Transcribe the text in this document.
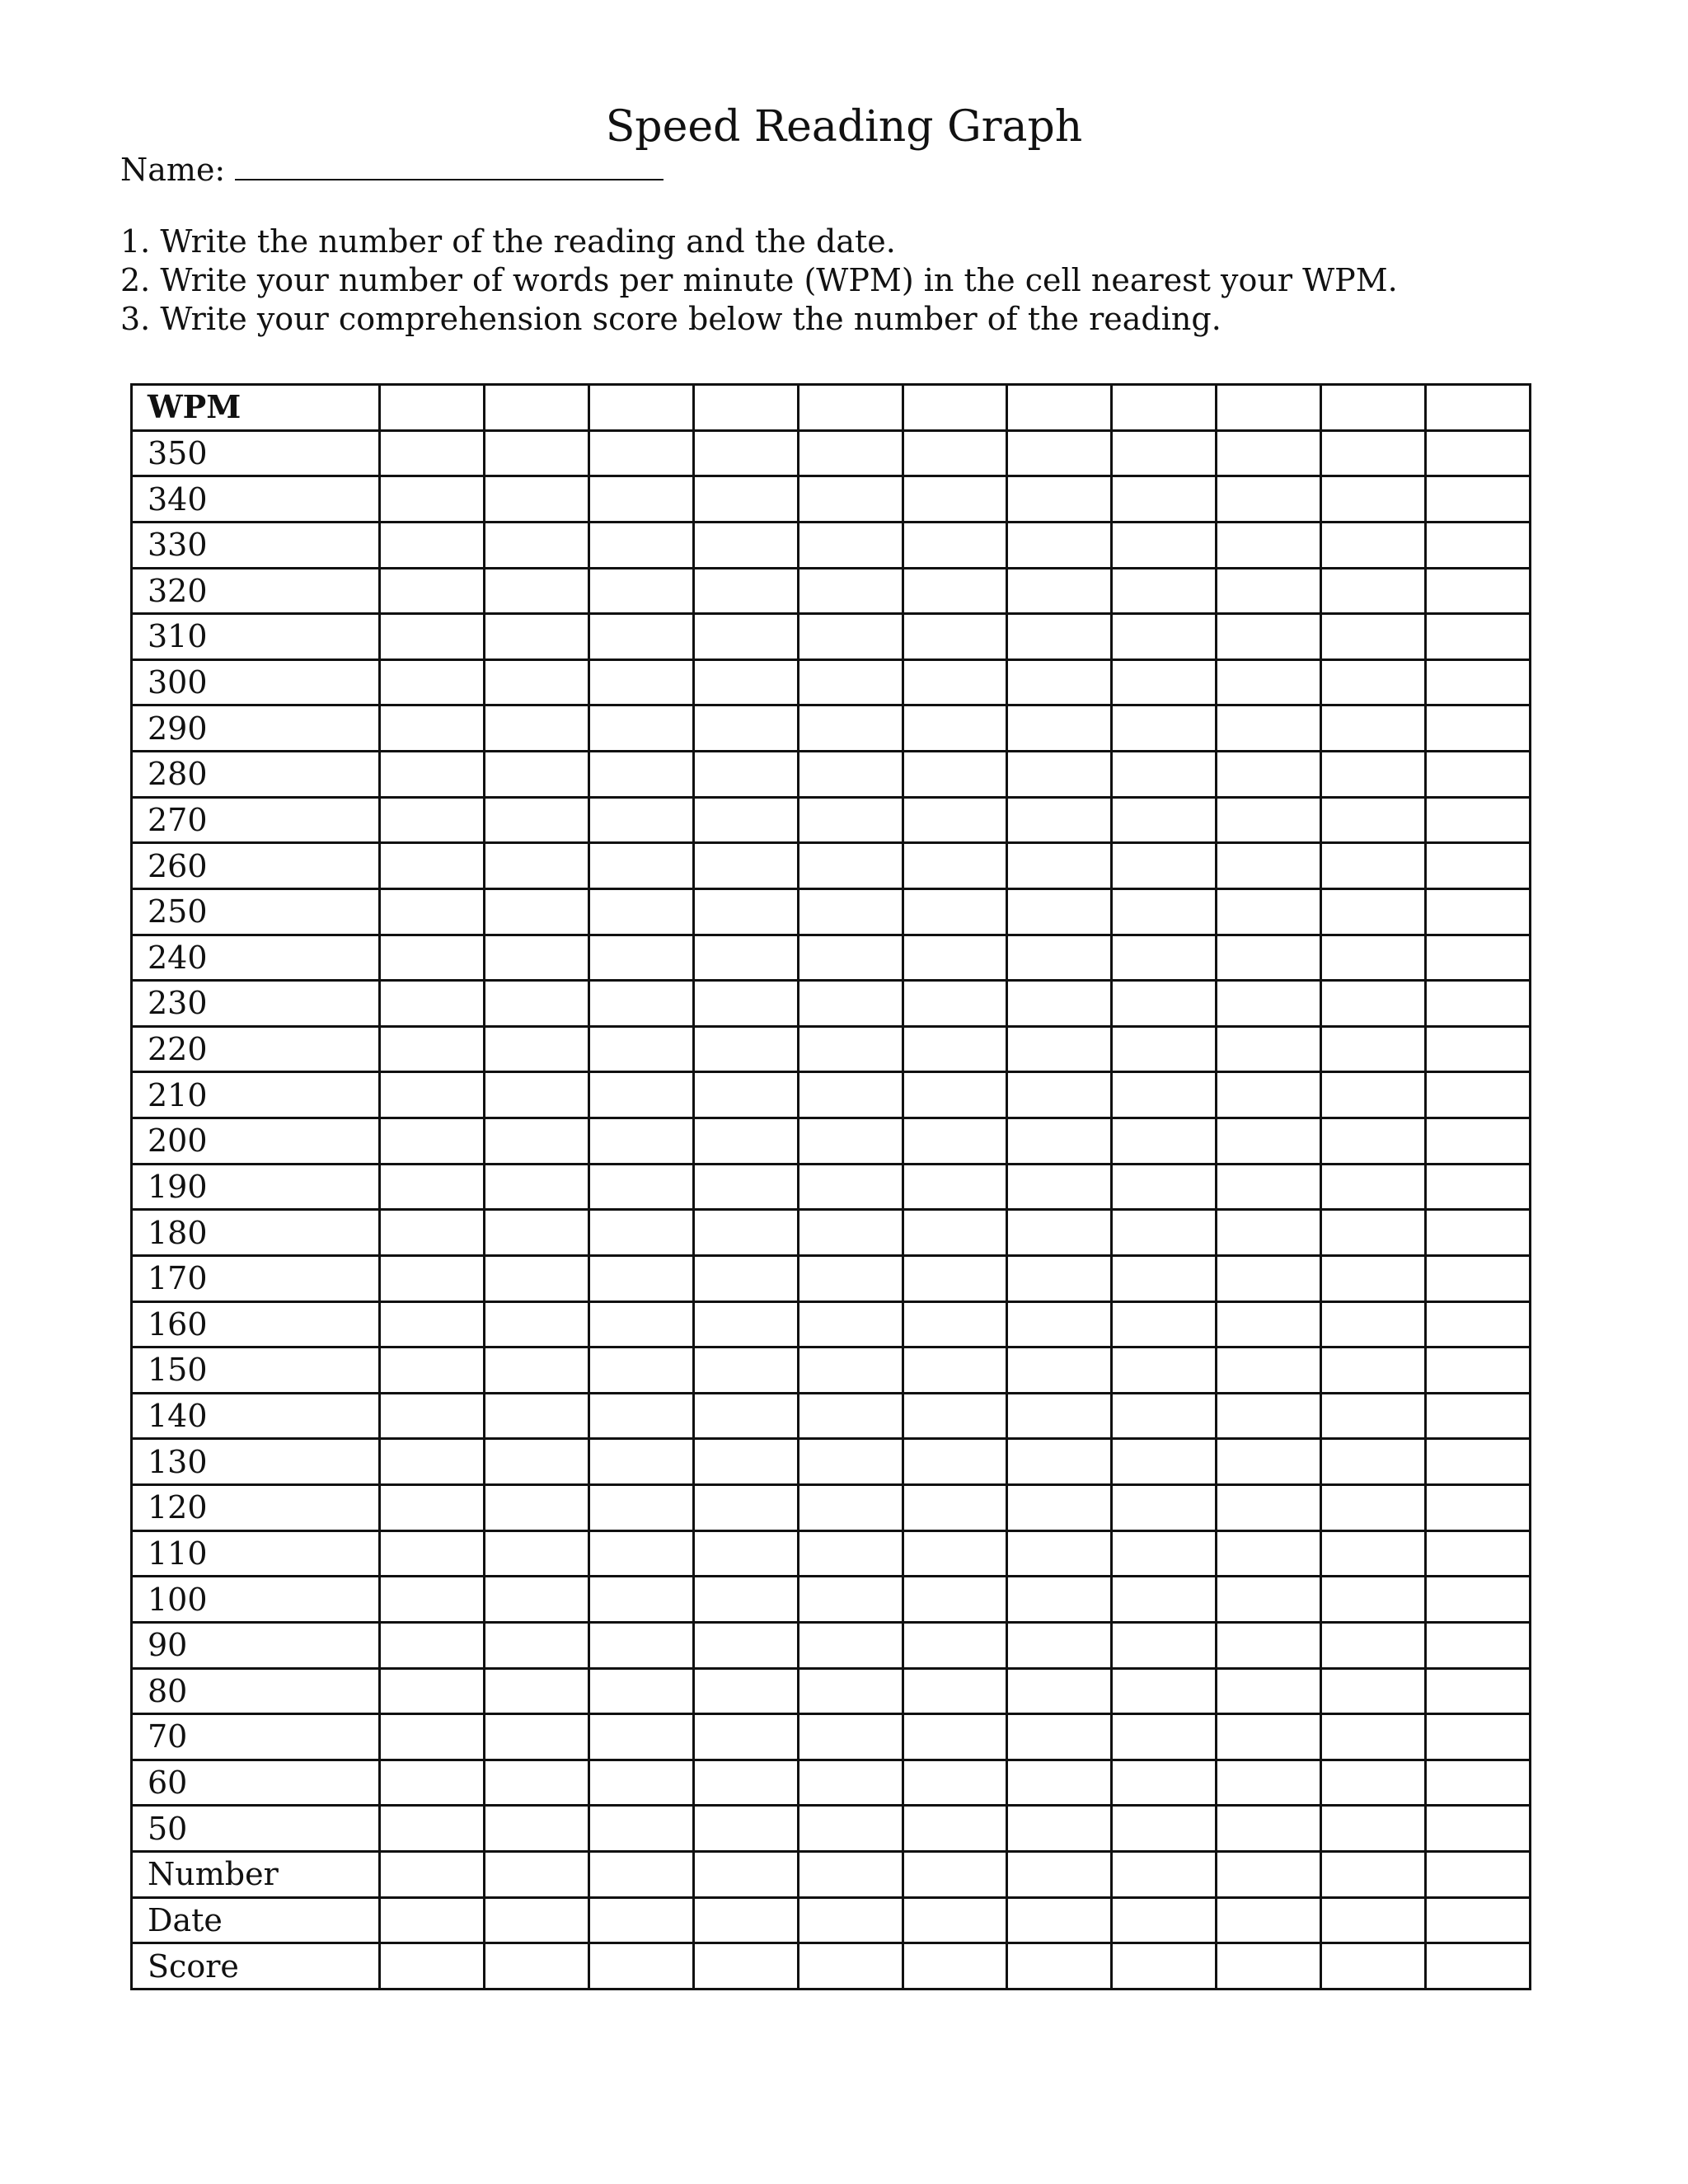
Speed Reading Graph
Name:
1. Write the number of the reading and the date.
2. Write your number of words per minute (WPM) in the cell nearest your WPM.
3. Write your comprehension score below the number of the reading.
WPM											
350											
340											
330											
320											
310											
300											
290											
280											
270											
260											
250											
240											
230											
220											
210											
200											
190											
180											
170											
160											
150											
140											
130											
120											
110											
100											
90											
80											
70											
60											
50											
Number											
Date											
Score											
